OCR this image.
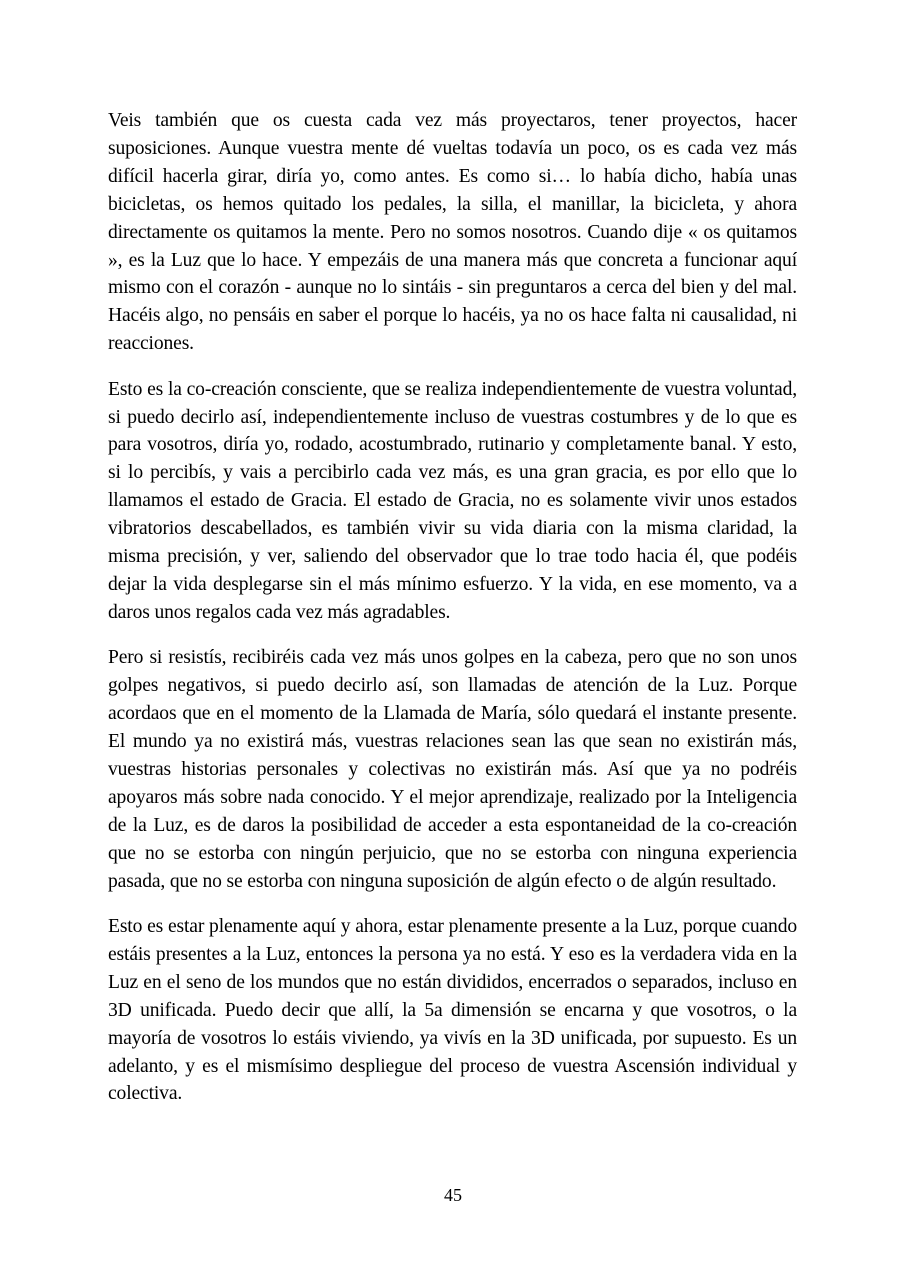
Veis también que os cuesta cada vez más proyectaros, tener proyectos, hacer suposiciones. Aunque vuestra mente dé vueltas todavía un poco, os es cada vez más difícil hacerla girar, diría yo, como antes. Es como si… lo había dicho, había unas bicicletas, os hemos quitado los pedales, la silla, el manillar, la bicicleta, y ahora directamente os quitamos la mente. Pero no somos nosotros. Cuando dije « os quitamos », es la Luz que lo hace. Y empezáis de una manera más que concreta a funcionar aquí mismo con el corazón - aunque no lo sintáis - sin preguntaros a cerca del bien y del mal. Hacéis algo, no pensáis en saber el porque lo hacéis, ya no os hace falta ni causalidad, ni reacciones.

Esto es la co-creación consciente, que se realiza independientemente de vuestra voluntad, si puedo decirlo así, independientemente incluso de vuestras costumbres y de lo que es para vosotros, diría yo, rodado, acostumbrado, rutinario y completamente banal. Y esto, si lo percibís, y vais a percibirlo cada vez más, es una gran gracia, es por ello que lo llamamos el estado de Gracia. El estado de Gracia, no es solamente vivir unos estados vibratorios descabellados, es también vivir su vida diaria con la misma claridad, la misma precisión, y ver, saliendo del observador que lo trae todo hacia él, que podéis dejar la vida desplegarse sin el más mínimo esfuerzo. Y la vida, en ese momento, va a daros unos regalos cada vez más agradables.

Pero si resistís, recibiréis cada vez más unos golpes en la cabeza, pero que no son unos golpes negativos, si puedo decirlo así, son llamadas de atención de la Luz. Porque acordaos que en el momento de la Llamada de María, sólo quedará el instante presente. El mundo ya no existirá más, vuestras relaciones sean las que sean no existirán más, vuestras historias personales y colectivas no existirán más. Así que ya no podréis apoyaros más sobre nada conocido. Y el mejor aprendizaje, realizado por la Inteligencia de la Luz, es de daros la posibilidad de acceder a esta espontaneidad de la co-creación que no se estorba con ningún perjuicio, que no se estorba con ninguna experiencia pasada, que no se estorba con ninguna suposición de algún efecto o de algún resultado.

Esto es estar plenamente aquí y ahora, estar plenamente presente a la Luz, porque cuando estáis presentes a la Luz, entonces la persona ya no está. Y eso es la verdadera vida en la Luz en el seno de los mundos que no están divididos, encerrados o separados, incluso en 3D unificada. Puedo decir que allí, la 5a dimensión se encarna y que vosotros, o la mayoría de vosotros lo estáis viviendo, ya vivís en la 3D unificada, por supuesto. Es un adelanto, y es el mismísimo despliegue del proceso de vuestra Ascensión individual y colectiva.

45
